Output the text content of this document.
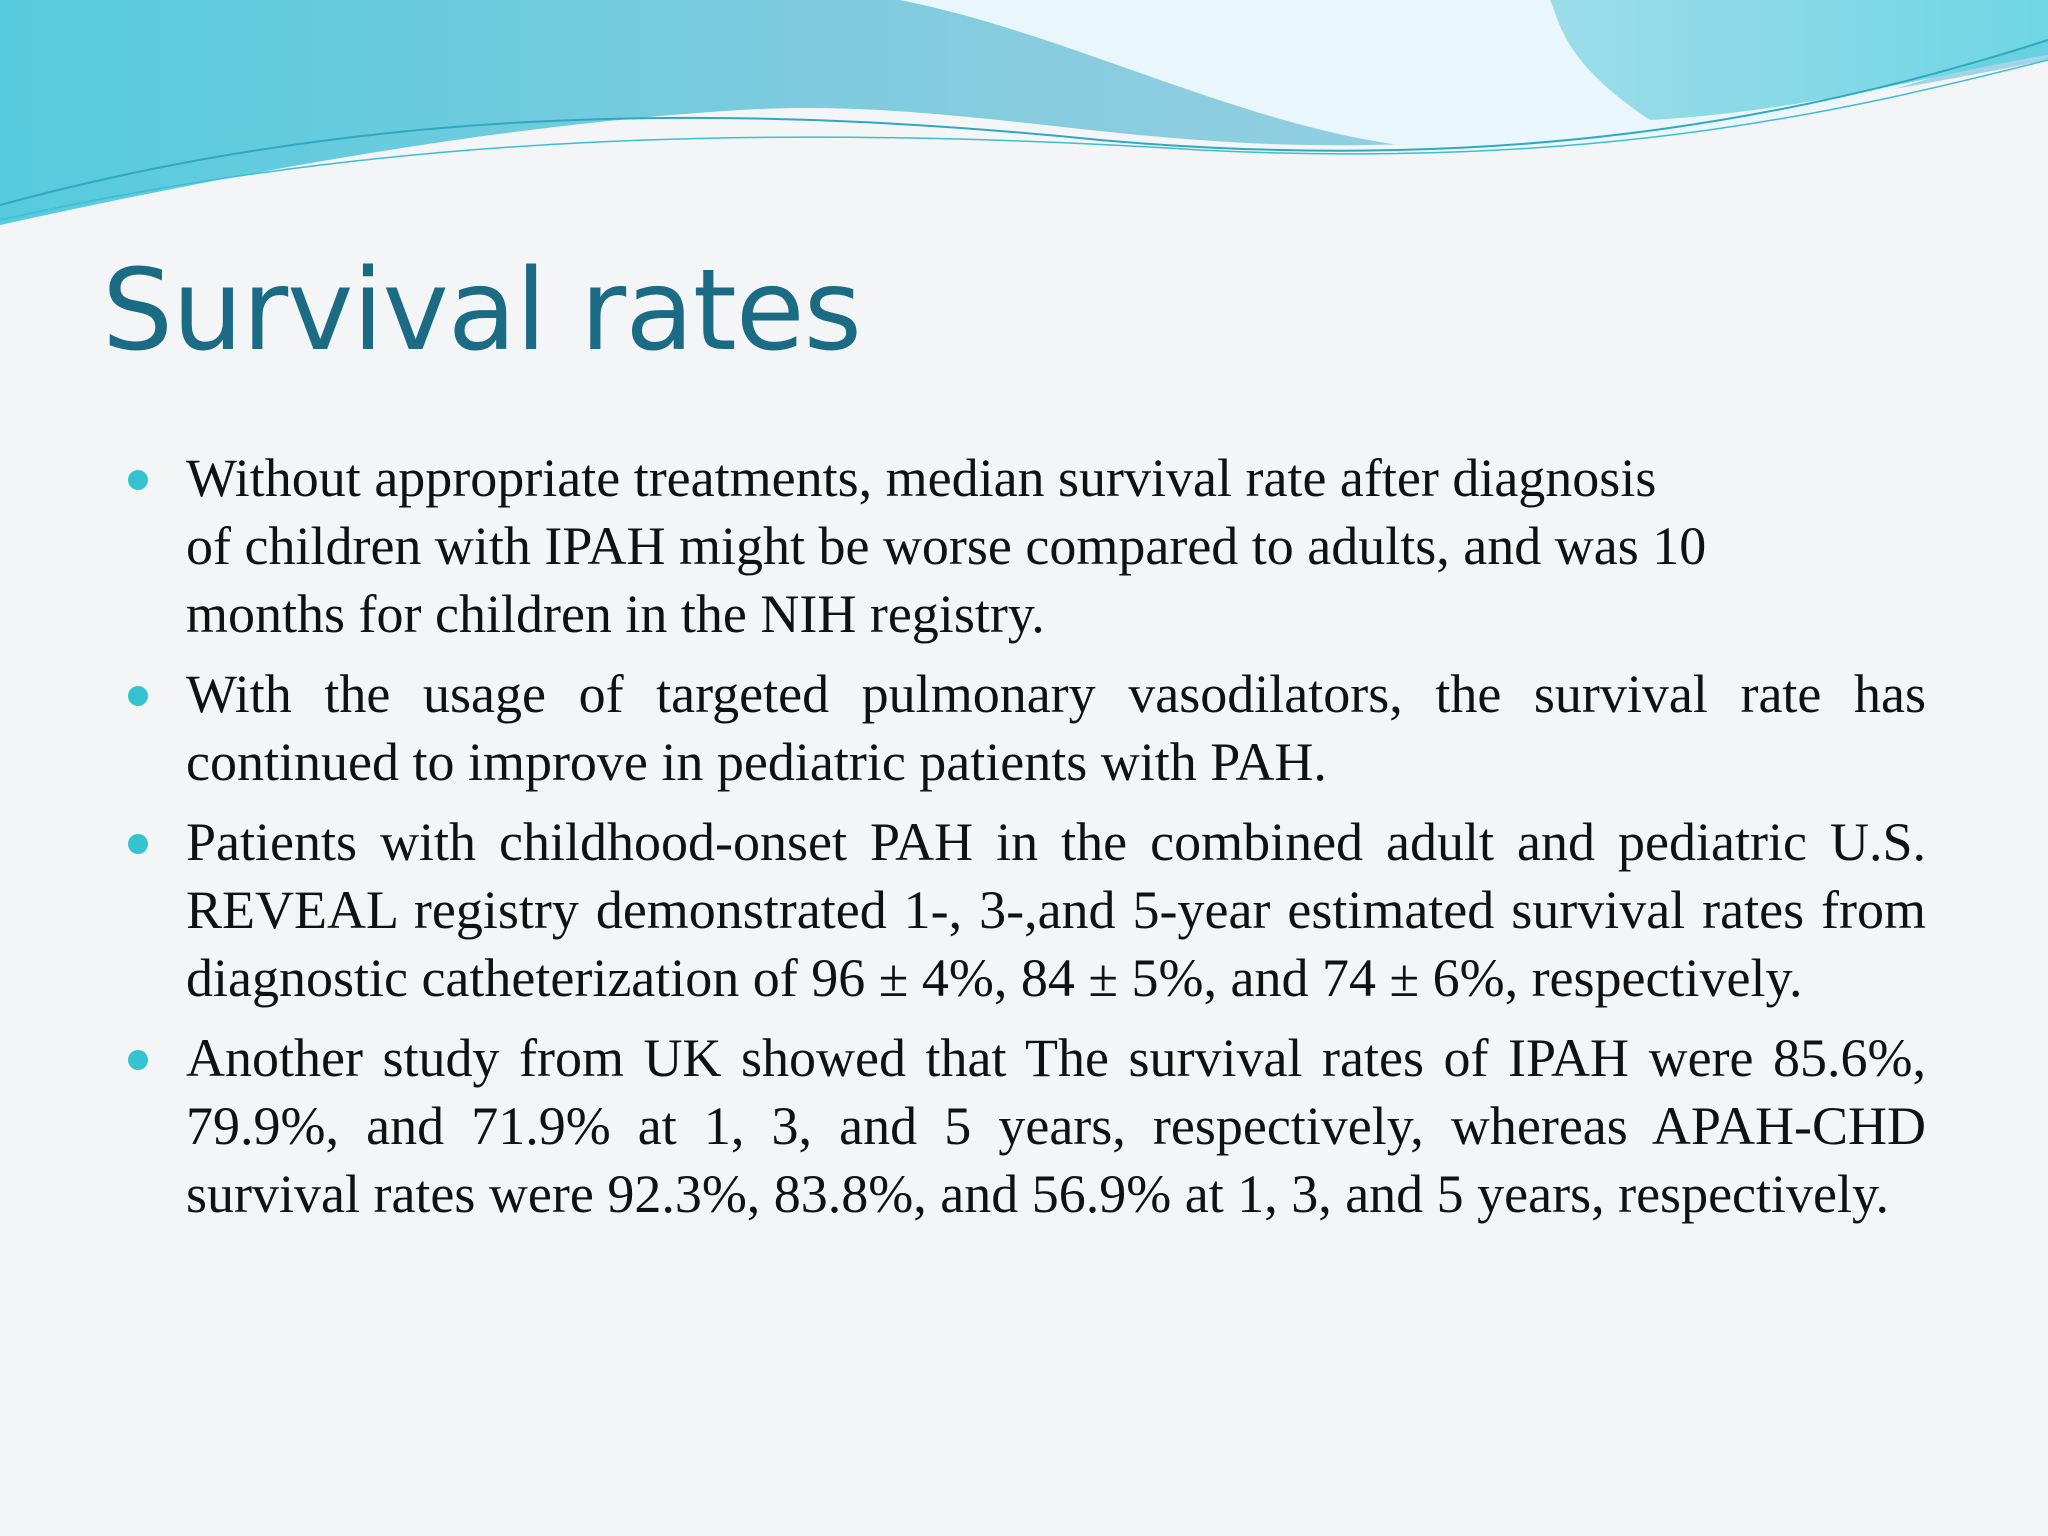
Survival rates
Without appropriate treatments, median survival rate after diagnosis
of children with IPAH might be worse compared to adults, and was 10
months for children in the NIH registry.
With the usage of targeted pulmonary vasodilators, the survival rate has continued to improve in pediatric patients with PAH.
Patients with childhood-onset PAH in the combined adult and pediatric U.S. REVEAL registry demonstrated 1-, 3-,and 5-year estimated survival rates from diagnostic catheterization of 96 ± 4%, 84 ± 5%, and 74 ± 6%, respectively.
Another study from UK showed that The survival rates of IPAH were 85.6%, 79.9%, and 71.9% at 1, 3, and 5 years, respectively, whereas APAH-CHD survival rates were 92.3%, 83.8%, and 56.9% at 1, 3, and 5 years, respectively.
